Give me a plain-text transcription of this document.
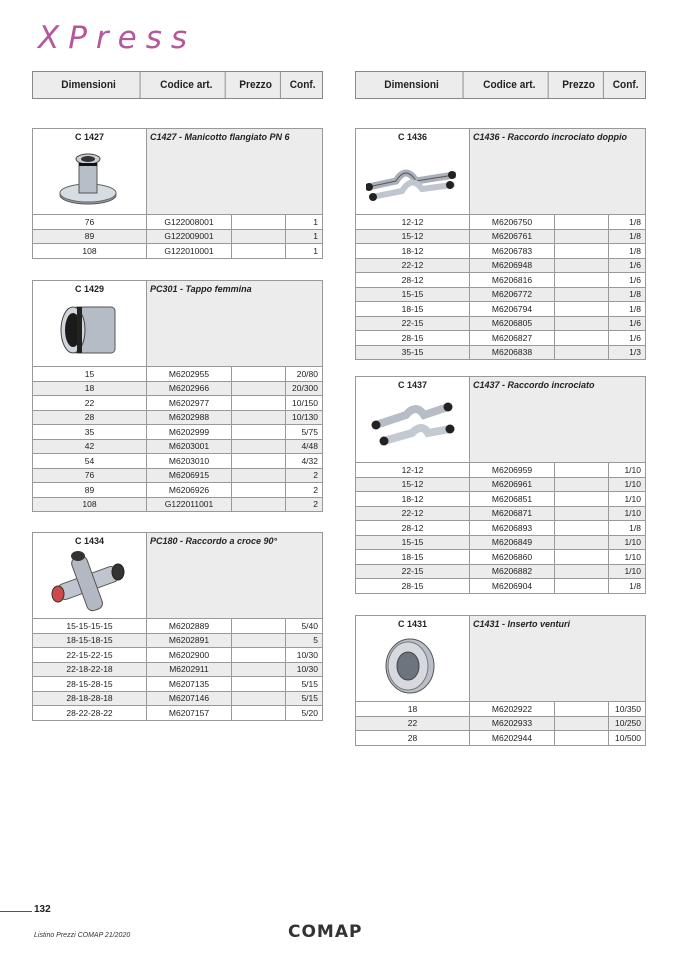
XPress
Dimensioni	Codice art.	Prezzo	Conf.	Dimensioni	Codice art.	Prezzo	Conf.
C 1427	C1427 - Manicotto flangiato PN 6
76	G122008001		1
89	G122009001		1
108	G122010001		1
C 1429	PC301 - Tappo femmina
15	M6202955		20/80
18	M6202966		20/300
22	M6202977		10/150
28	M6202988		10/130
35	M6202999		5/75
42	M6203001		4/48
54	M6203010		4/32
76	M6206915		2
89	M6206926		2
108	G122011001		2
C 1434	PC180 - Raccordo a croce 90°
15-15-15-15	M6202889		5/40
18-15-18-15	M6202891		5
22-15-22-15	M6202900		10/30
22-18-22-18	M6202911		10/30
28-15-28-15	M6207135		5/15
28-18-28-18	M6207146		5/15
28-22-28-22	M6207157		5/20
C 1436	C1436 - Raccordo incrociato doppio
12-12	M6206750		1/8
15-12	M6206761		1/8
18-12	M6206783		1/8
22-12	M6206948		1/6
28-12	M6206816		1/6
15-15	M6206772		1/8
18-15	M6206794		1/8
22-15	M6206805		1/6
28-15	M6206827		1/6
35-15	M6206838		1/3
C 1437	C1437 - Raccordo incrociato
12-12	M6206959		1/10
15-12	M6206961		1/10
18-12	M6206851		1/10
22-12	M6206871		1/10
28-12	M6206893		1/8
15-15	M6206849		1/10
18-15	M6206860		1/10
22-15	M6206882		1/10
28-15	M6206904		1/8
C 1431	C1431 - Inserto venturi
18	M6202922		10/350
22	M6202933		10/250
28	M6202944		10/500
132
Listino Prezzi COMAP 21/2020	COMAP
